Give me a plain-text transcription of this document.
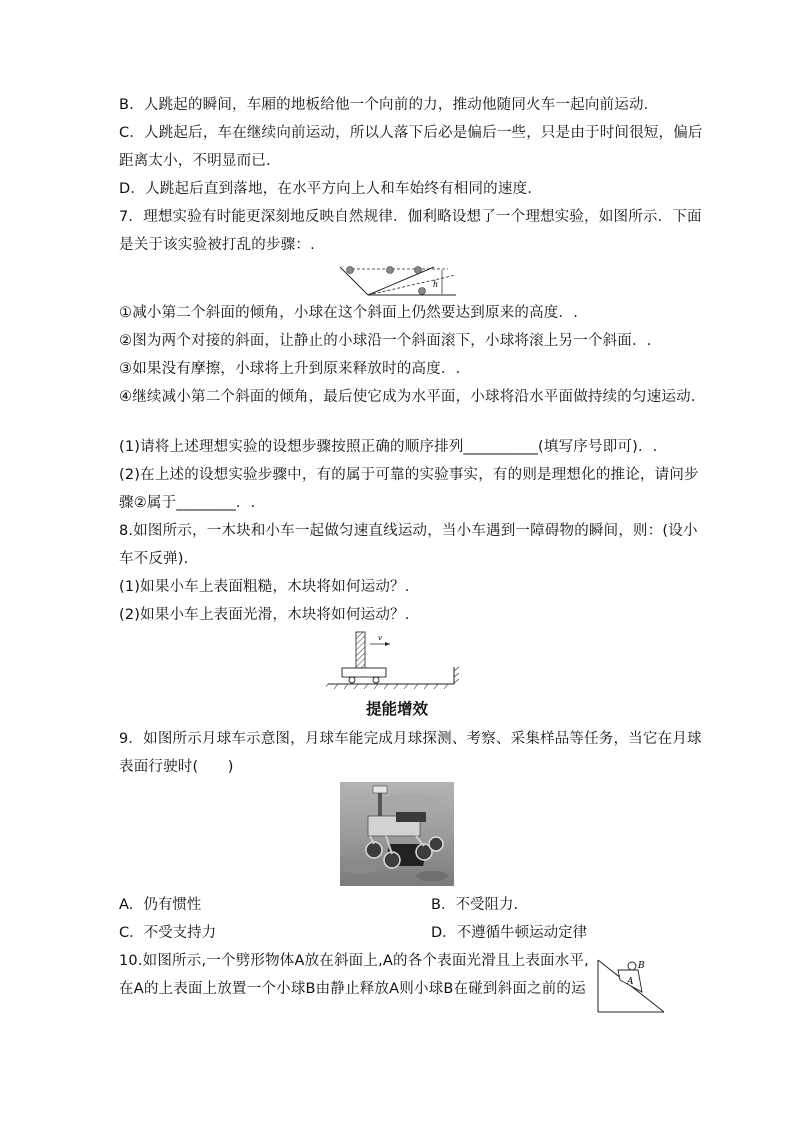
B．人跳起的瞬间，车厢的地板给他一个向前的力，推动他随同火车一起向前运动.
C．人跳起后，车在继续向前运动，所以人落下后必是偏后一些，只是由于时间很短，偏后
距离太小，不明显而已.
D．人跳起后直到落地，在水平方向上人和车始终有相同的速度.
7．理想实验有时能更深刻地反映自然规律．伽利略设想了一个理想实验，如图所示．下面
是关于该实验被打乱的步骤：.
h
①减小第二个斜面的倾角，小球在这个斜面上仍然要达到原来的高度．.
②图为两个对接的斜面，让静止的小球沿一个斜面滚下，小球将滚上另一个斜面．.
③如果没有摩擦，小球将上升到原来释放时的高度．.
④继续减小第二个斜面的倾角，最后使它成为水平面，小球将沿水平面做持续的匀速运动．
(1)请将上述理想实验的设想步骤按照正确的顺序排列__________(填写序号即可)．.
(2)在上述的设想实验步骤中，有的属于可靠的实验事实，有的则是理想化的推论，请问步
骤②属于________．.
8.如图所示，一木块和小车一起做匀速直线运动，当小车遇到一障碍物的瞬间，则：(设小
车不反弹).
(1)如果小车上表面粗糙，木块将如何运动？.
(2)如果小车上表面光滑，木块将如何运动？.
v
提能增效
9．如图所示月球车示意图，月球车能完成月球探测、考察、采集样品等任务，当它在月球
表面行驶时(　　)
A．仍有惯性	B．不受阻力.
C．不受支持力	D．不遵循牛顿运动定律
10.如图所示,一个劈形物体A放在斜面上,A的各个表面光滑且上表面水平,
在A的上表面上放置一个小球B由静止释放A则小球B在碰到斜面之前的运
B
A
